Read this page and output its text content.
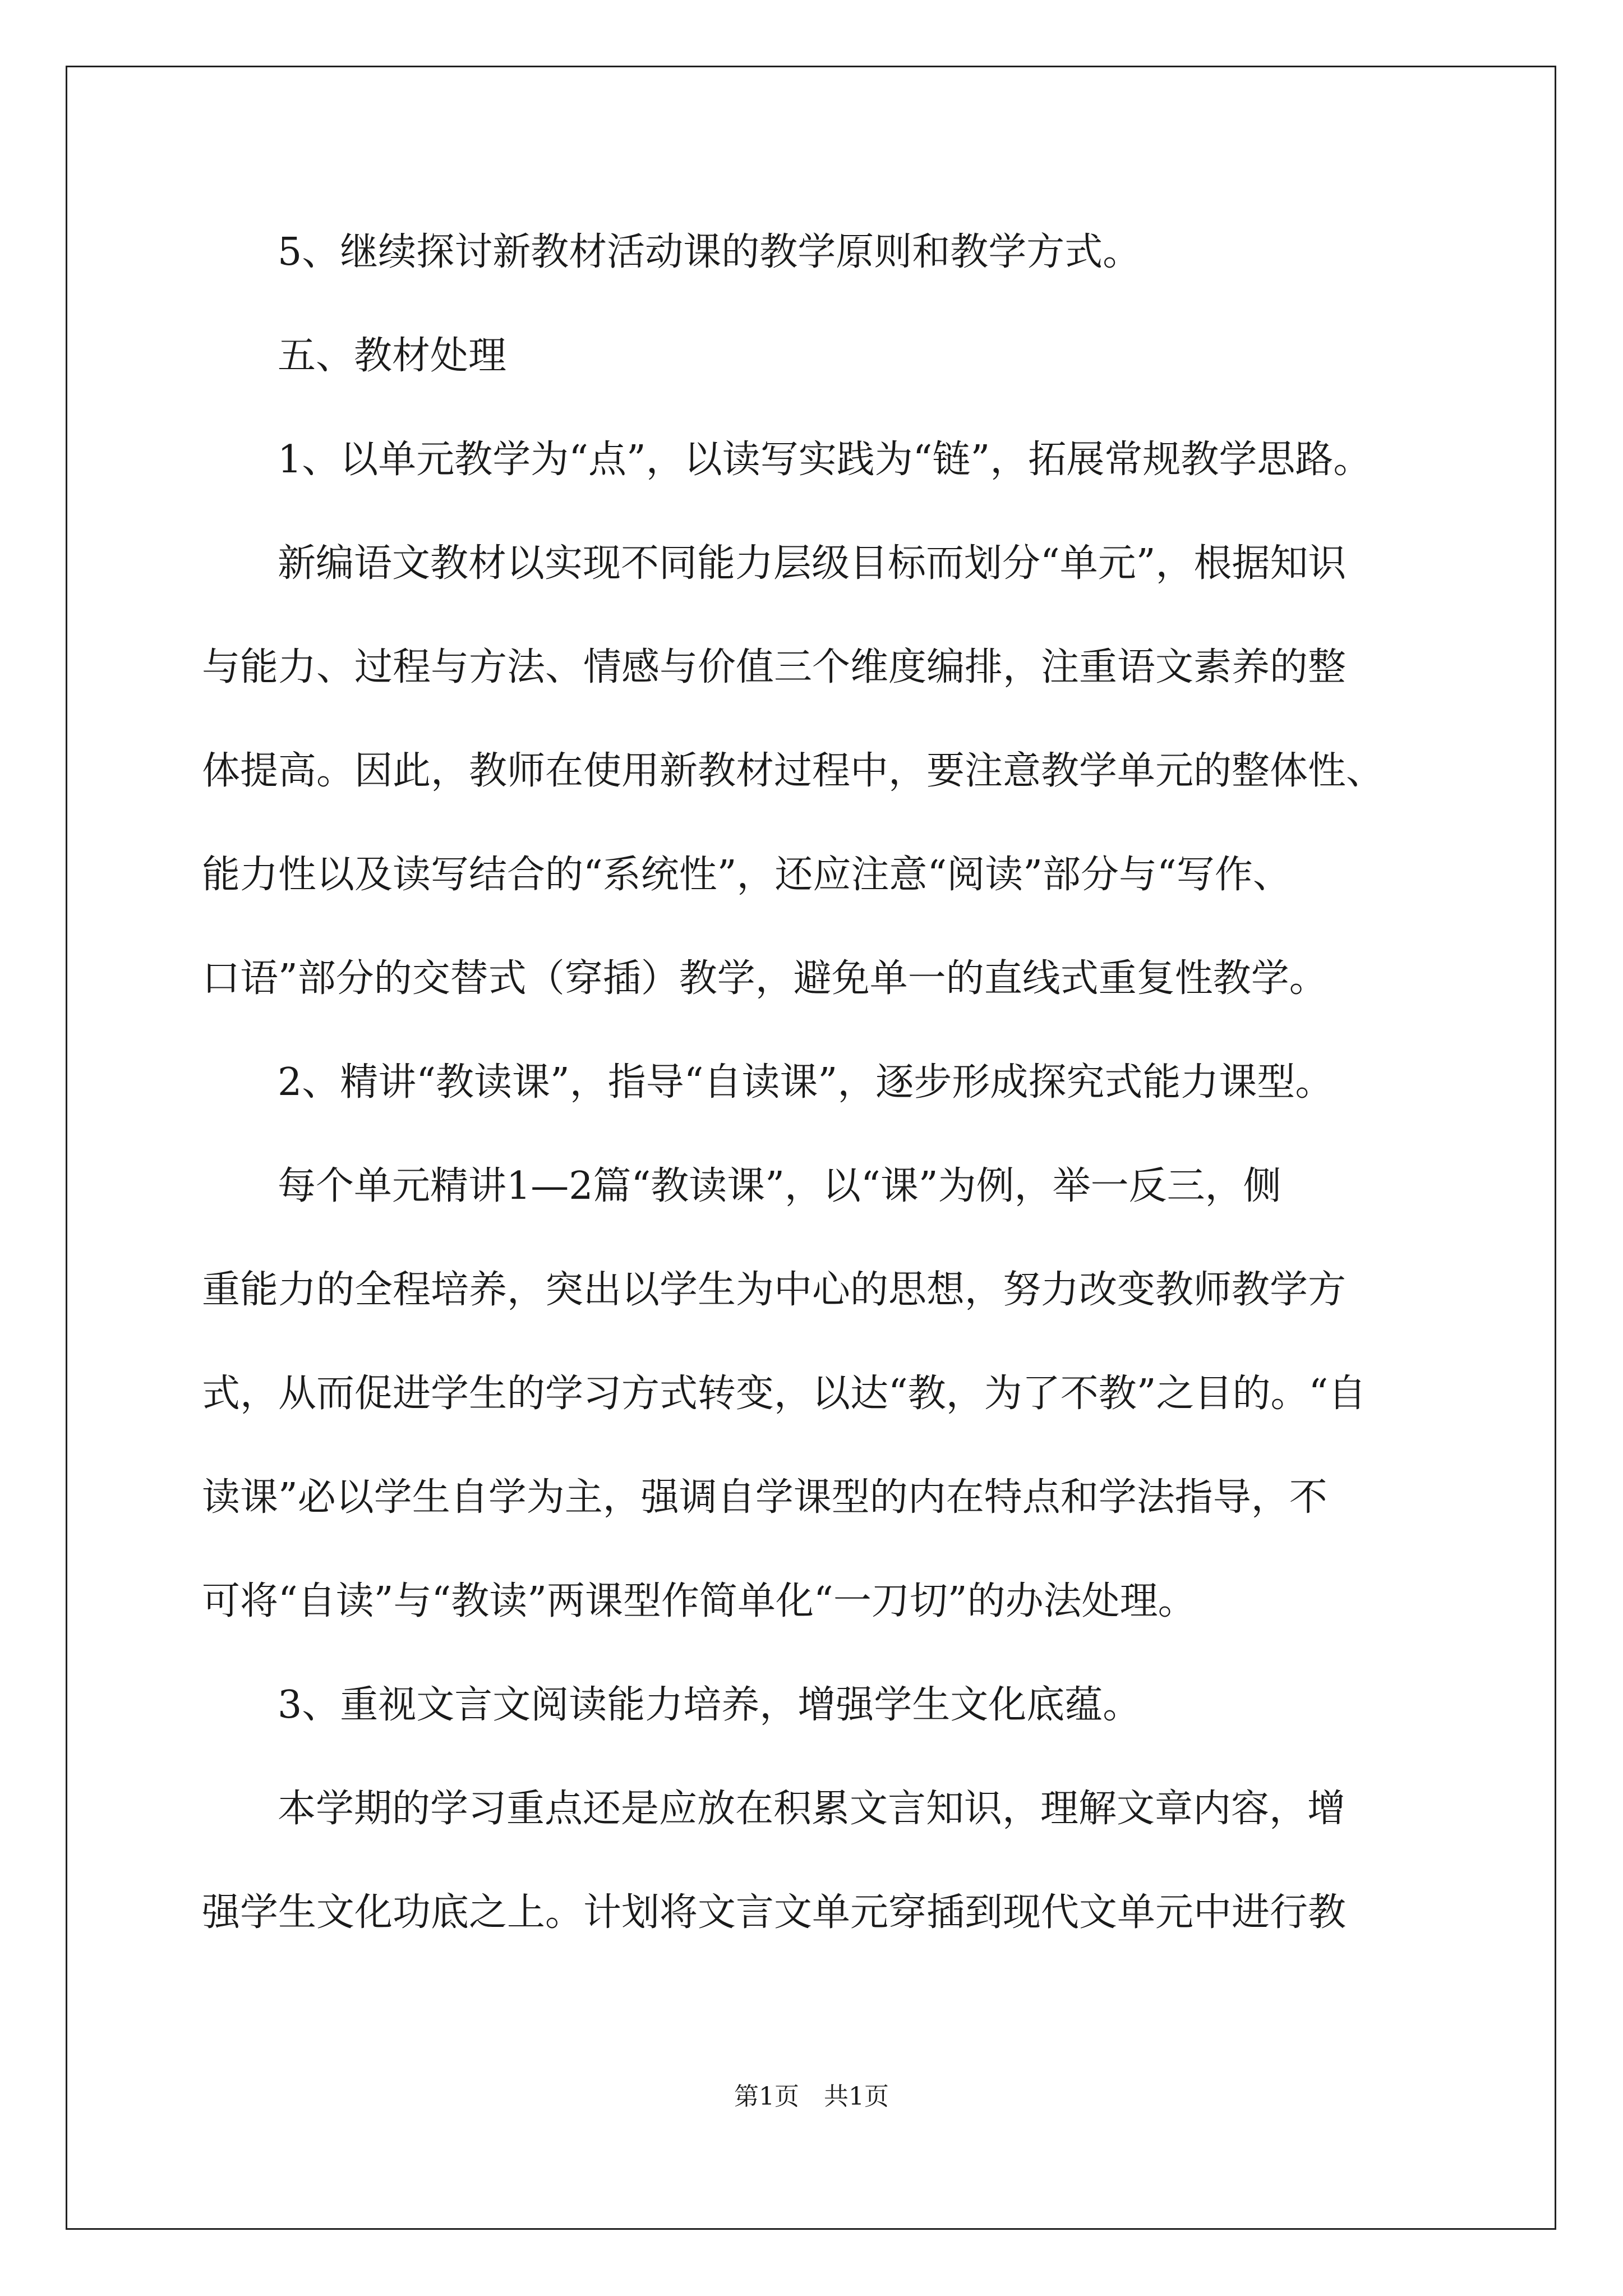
5、继续探讨新教材活动课的教学原则和教学方式。
五、教材处理
1、以单元教学为“点”，以读写实践为“链”，拓展常规教学思路。
新编语文教材以实现不同能力层级目标而划分“单元”，根据知识
与能力、过程与方法、情感与价值三个维度编排，注重语文素养的整
体提高。因此，教师在使用新教材过程中，要注意教学单元的整体性、
能力性以及读写结合的“系统性”，还应注意“阅读”部分与“写作、
口语”部分的交替式（穿插）教学，避免单一的直线式重复性教学。
2、精讲“教读课”，指导“自读课”，逐步形成探究式能力课型。
每个单元精讲1—2篇“教读课”，以“课”为例，举一反三，侧
重能力的全程培养，突出以学生为中心的思想，努力改变教师教学方
式，从而促进学生的学习方式转变，以达“教，为了不教”之目的。“自
读课”必以学生自学为主，强调自学课型的内在特点和学法指导，不
可将“自读”与“教读”两课型作简单化“一刀切”的办法处理。
3、重视文言文阅读能力培养，增强学生文化底蕴。
本学期的学习重点还是应放在积累文言知识，理解文章内容，增
强学生文化功底之上。计划将文言文单元穿插到现代文单元中进行教
第1页　共1页
